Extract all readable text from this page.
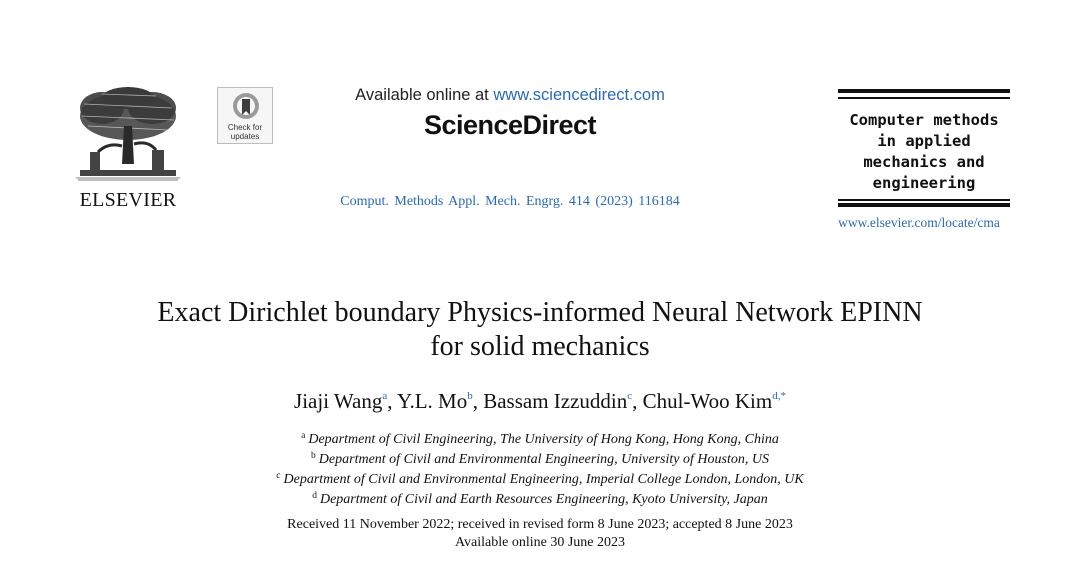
ELSEVIER
Check for
updates
Available online at www.sciencedirect.com
ScienceDirect
Comput. Methods Appl. Mech. Engrg. 414 (2023) 116184
Computer methods
in applied
mechanics and
engineering
www.elsevier.com/locate/cma
Exact Dirichlet boundary Physics-informed Neural Network EPINN
for solid mechanics
Jiaji Wang$^a$, Y.L. Mo$^b$, Bassam Izzuddin$^c$, Chul-Woo Kim$^{d,*}$
$^a$ Department of Civil Engineering, The University of Hong Kong, Hong Kong, China
$^b$ Department of Civil and Environmental Engineering, University of Houston, US
$^c$ Department of Civil and Environmental Engineering, Imperial College London, London, UK
$^d$ Department of Civil and Earth Resources Engineering, Kyoto University, Japan
Received 11 November 2022; received in revised form 8 June 2023; accepted 8 June 2023
Available online 30 June 2023
